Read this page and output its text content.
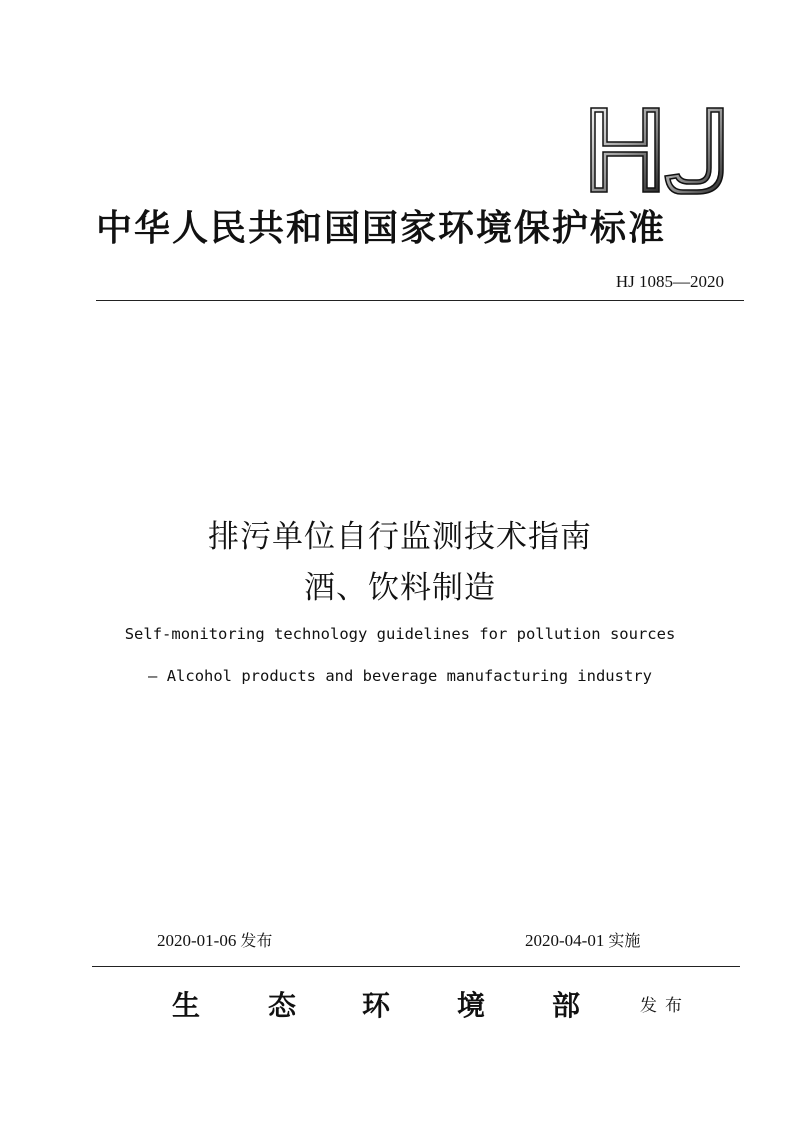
中华人民共和国国家环境保护标准
HJ 1085—2020
排污单位自行监测技术指南
酒、饮料制造
Self-monitoring technology guidelines for pollution sources
— Alcohol products and beverage manufacturing industry
2020-01-06 发布	2020-04-01 实施
生 态 环 境 部	发布
